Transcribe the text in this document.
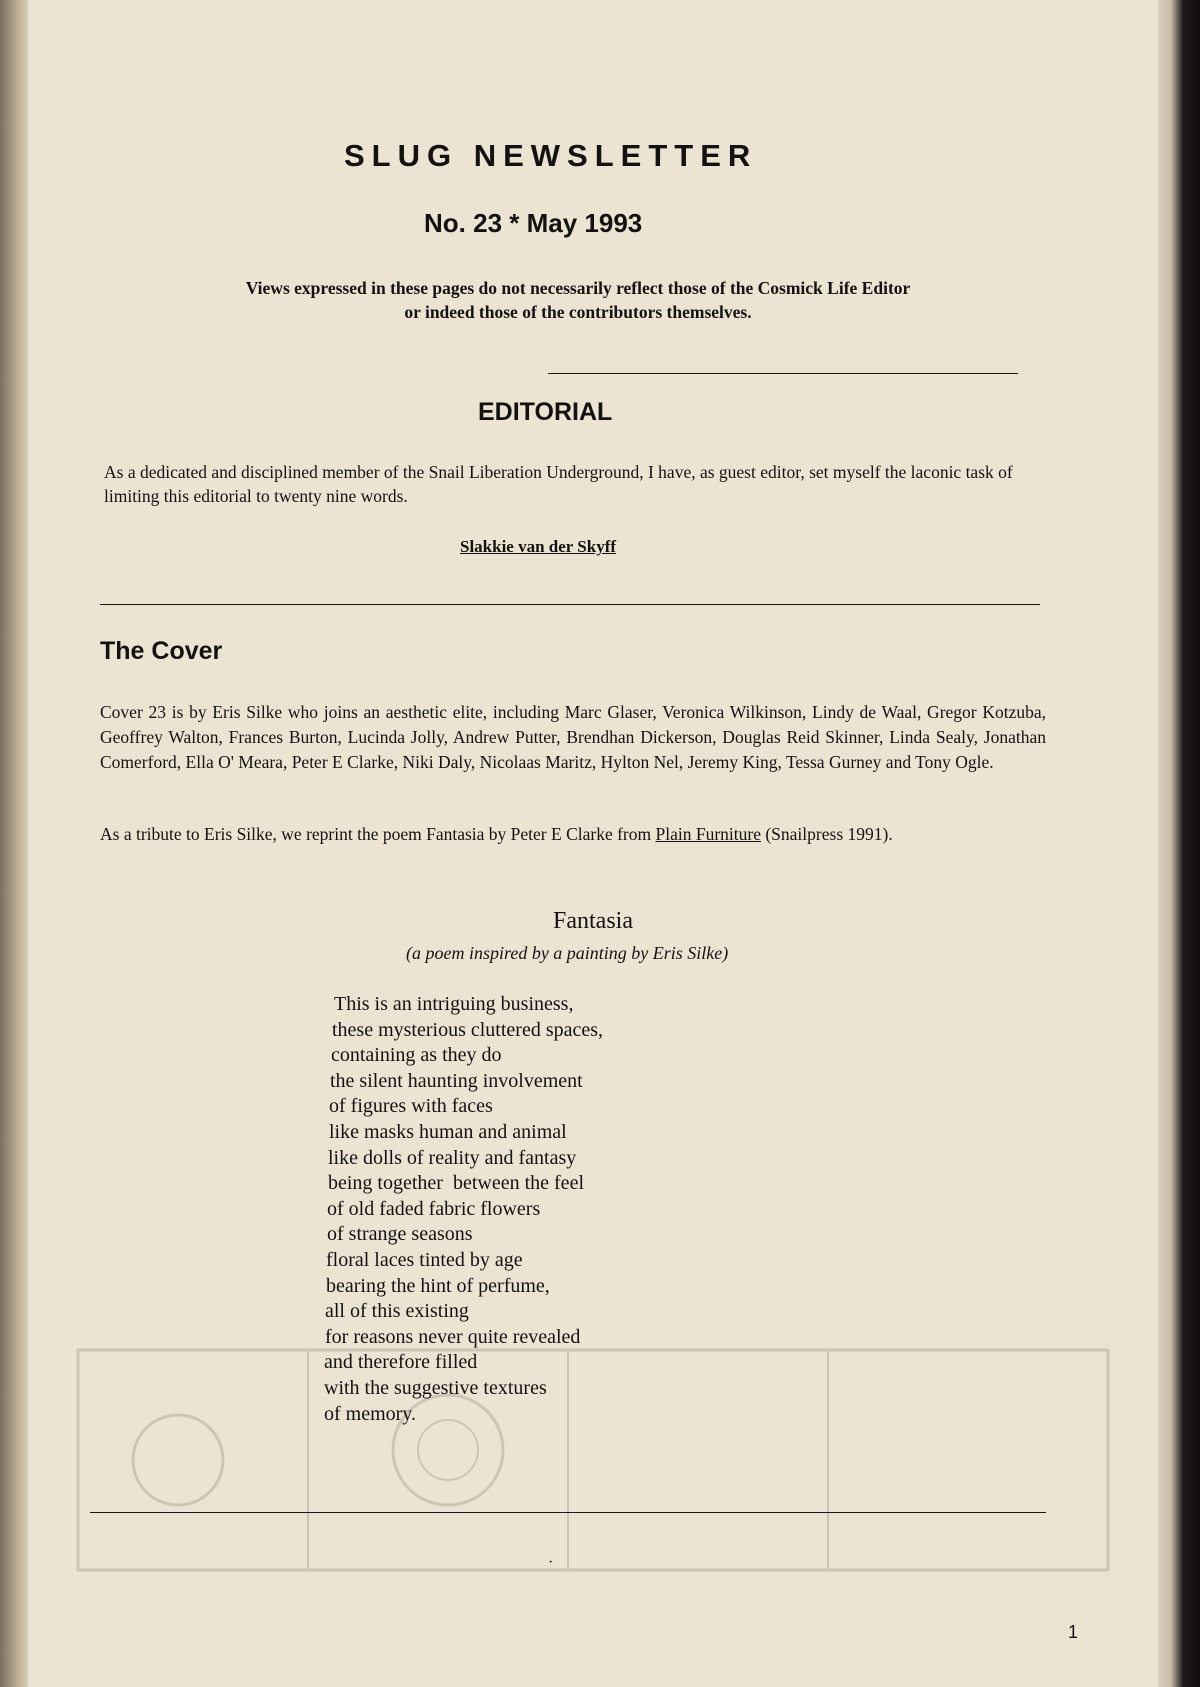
SLUG NEWSLETTER
No. 23 * May 1993
Views expressed in these pages do not necessarily reflect those of the Cosmick Life Editor
or indeed those of the contributors themselves.
EDITORIAL
As a dedicated and disciplined member of the Snail Liberation Underground, I have, as guest editor, set myself the laconic task of limiting this editorial to twenty nine words.
Slakkie van der Skyff
The Cover
Cover 23 is by Eris Silke who joins an aesthetic elite, including Marc Glaser, Veronica Wilkinson, Lindy de Waal, Gregor Kotzuba, Geoffrey Walton, Frances Burton, Lucinda Jolly, Andrew Putter, Brendhan Dickerson, Douglas Reid Skinner, Linda Sealy, Jonathan Comerford, Ella O' Meara, Peter E Clarke, Niki Daly, Nicolaas Maritz, Hylton Nel, Jeremy King, Tessa Gurney and Tony Ogle.
As a tribute to Eris Silke, we reprint the poem Fantasia by Peter E Clarke from Plain Furniture (Snailpress 1991).
Fantasia
(a poem inspired by a painting by Eris Silke)
This is an intriguing business,
these mysterious cluttered spaces,
containing as they do
the silent haunting involvement
of figures with faces
like masks human and animal
like dolls of reality and fantasy
being together  between the feel
of old faded fabric flowers
of strange seasons
floral laces tinted by age
bearing the hint of perfume,
all of this existing
for reasons never quite revealed
and therefore filled
with the suggestive textures
of memory.
·
1
